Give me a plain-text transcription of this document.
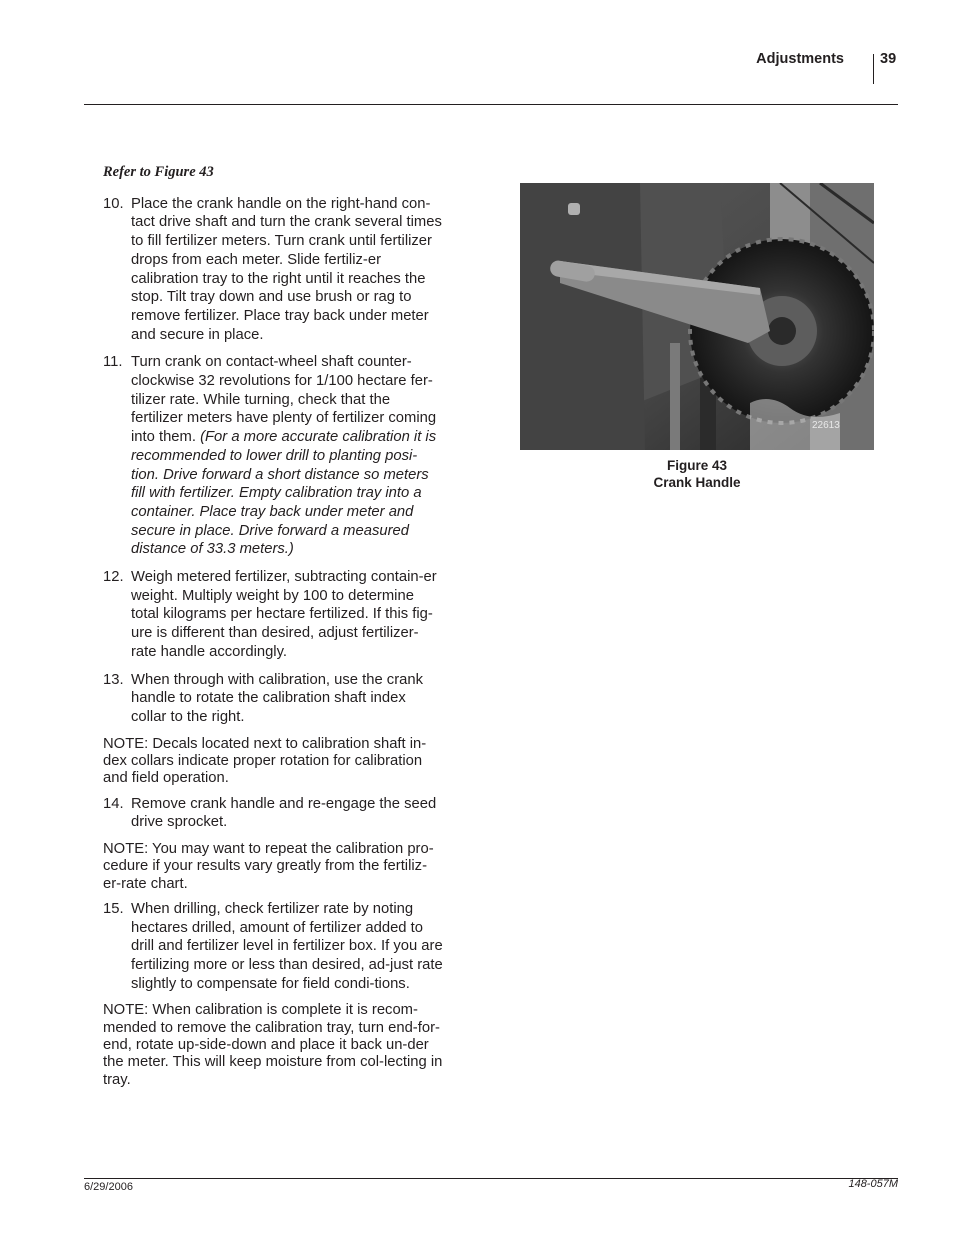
Adjustments 39
Refer to Figure 43
10. Place the crank handle on the right-hand con-tact drive shaft and turn the crank several times to fill fertilizer meters. Turn crank until fertilizer drops from each meter. Slide fertiliz-er calibration tray to the right until it reaches the stop. Tilt tray down and use brush or rag to remove fertilizer. Place tray back under meter and secure in place.
11. Turn crank on contact-wheel shaft counter-clockwise 32 revolutions for 1/100 hectare fer-tilizer rate. While turning, check that the fertilizer meters have plenty of fertilizer coming into them. (For a more accurate calibration it is recommended to lower drill to planting posi-tion. Drive forward a short distance so meters fill with fertilizer. Empty calibration tray into a container. Place tray back under meter and secure in place. Drive forward a measured distance of 33.3 meters.)
12. Weigh metered fertilizer, subtracting contain-er weight. Multiply weight by 100 to determine total kilograms per hectare fertilized. If this fig-ure is different than desired, adjust fertilizer-rate handle accordingly.
13. When through with calibration, use the crank handle to rotate the calibration shaft index collar to the right.
NOTE: Decals located next to calibration shaft in-dex collars indicate proper rotation for calibration and field operation.
14. Remove crank handle and re-engage the seed drive sprocket.
NOTE: You may want to repeat the calibration pro-cedure if your results vary greatly from the fertiliz-er-rate chart.
15. When drilling, check fertilizer rate by noting hectares drilled, amount of fertilizer added to drill and fertilizer level in fertilizer box. If you are fertilizing more or less than desired, ad-just rate slightly to compensate for field condi-tions.
NOTE: When calibration is complete it is recom-mended to remove the calibration tray, turn end-for-end, rotate up-side-down and place it back un-der the meter. This will keep moisture from col-lecting in tray.
22613
Figure 43
Crank Handle
6/29/2006	148-057M
